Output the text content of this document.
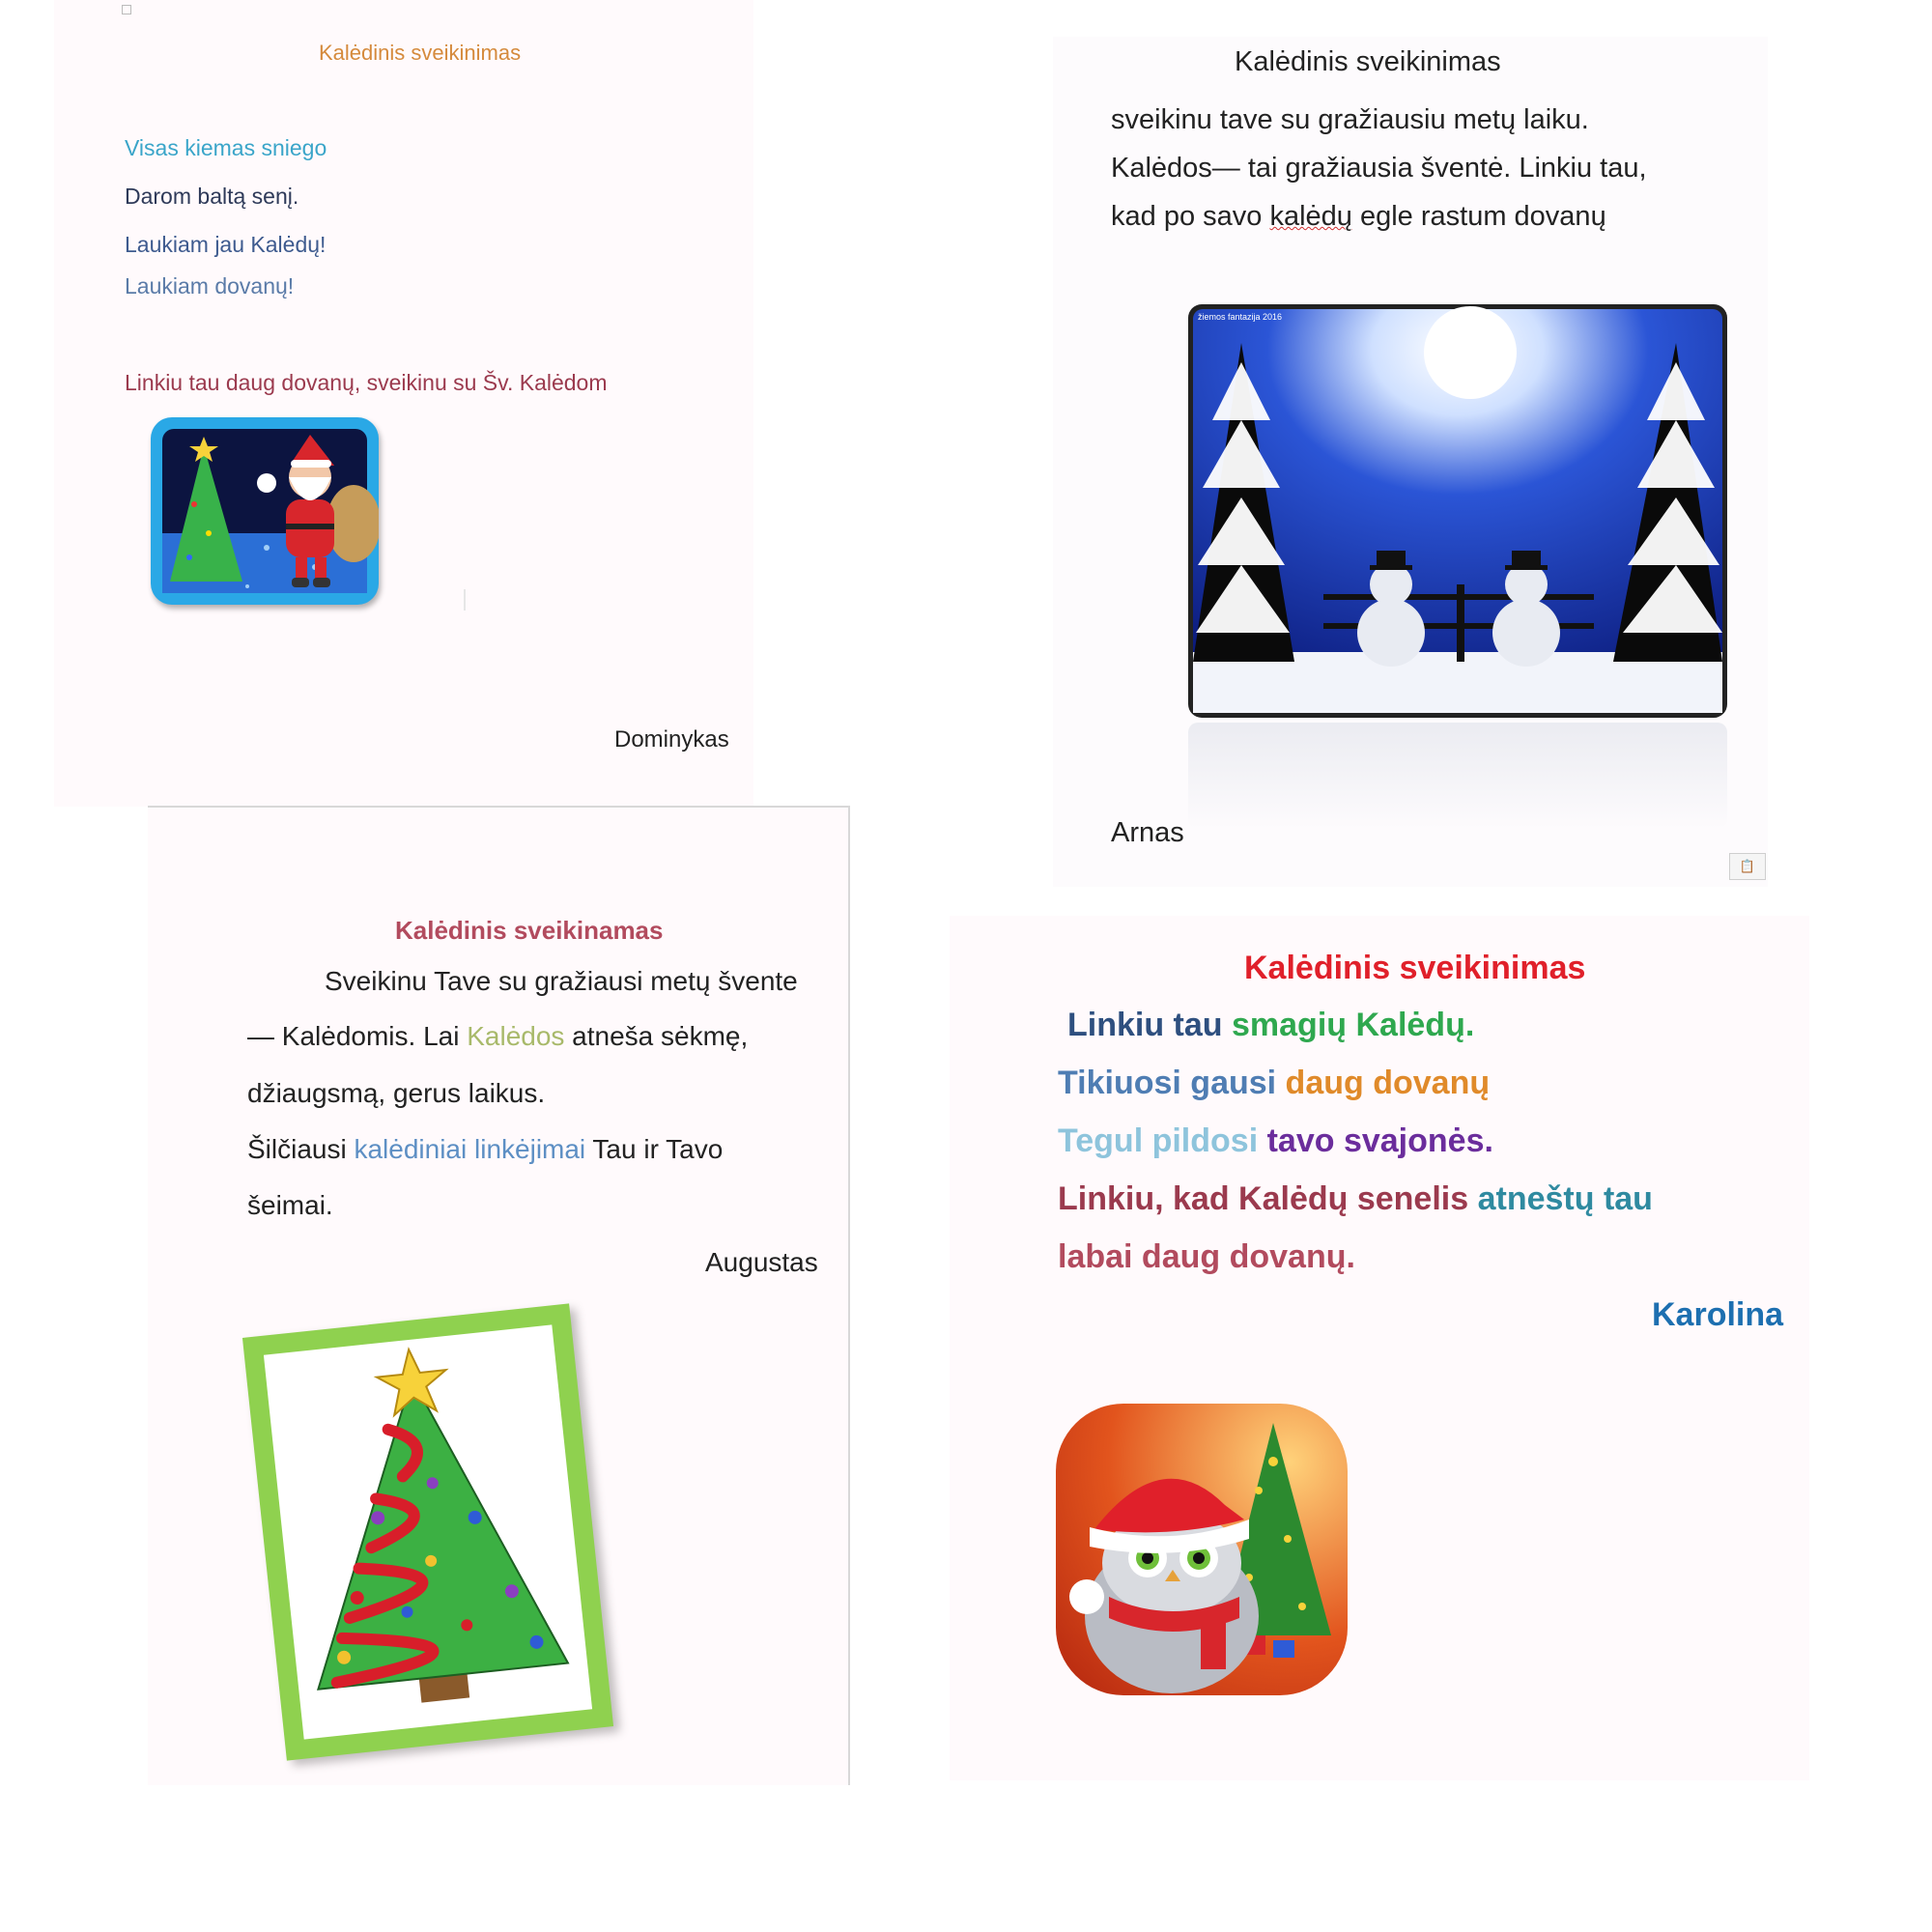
Kalėdinis sveikinimas
Visas kiemas sniego
Darom baltą senį.
Laukiam jau Kalėdų!
Laukiam dovanų!
Linkiu tau daug dovanų, sveikinu su Šv. Kalėdom
Dominykas
Kalėdinis sveikinimas
sveikinu tave su gražiausiu metų laiku.
Kalėdos— tai gražiausia šventė. Linkiu tau,
kad po savo kalėdų egle rastum dovanų
žiemos fantazija 2016
Arnas
📋
Kalėdinis sveikinamas
Sveikinu Tave su gražiausi metų švente
— Kalėdomis. Lai Kalėdos atneša sėkmę,
džiaugsmą, gerus laikus.
Šilčiausi kalėdiniai linkėjimai Tau ir Tavo
šeimai.
Augustas
Kalėdinis sveikinimas
Linkiu tau smagių Kalėdų.
Tikiuosi gausi daug dovanų
Tegul pildosi tavo svajonės.
Linkiu, kad Kalėdų senelis atneštų tau
labai daug dovanų.
Karolina
